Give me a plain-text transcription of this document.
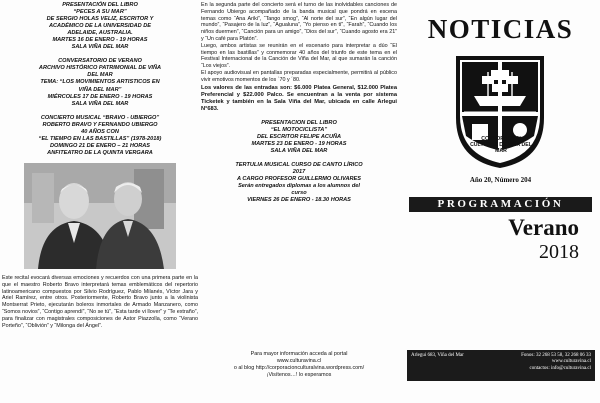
PRESENTACIÓN DEL LIBRO
“PECES A SU MAR”
DE SERGIO HOLAS VELIZ, ESCRITOR Y
ACADÉMICO DE LA UNIVERSIDAD DE
ADELAIDE, AUSTRALIA.
MARTES 16 DE ENERO - 19 HORAS
SALA VIÑA DEL MAR
CONVERSATORIO DE VERANO
ARCHIVO HISTÓRICO PATRIMONIAL DE VIÑA
DEL MAR
TEMA: “LOS MOVIMIENTOS ARTISTICOS EN
VIÑA DEL MAR”
MIÉRCOLES 17 DE ENERO - 19 HORAS
SALA VIÑA DEL MAR
CONCIERTO MUSICAL “BRAVO - UBIERGO”
ROBERTO BRAVO Y FERNANDO UBIERGO
40 AÑOS CON
“EL TIEMPO EN LAS BASTILLAS” (1978-2018)
DOMINGO 21 DE ENERO – 21 HORAS
ANFITEATRO DE LA QUINTA VERGARA
Este recital evocará diversas emociones y recuerdos con una primera parte en la que el maestro Roberto Bravo interpretará temas emblemáticos del repertorio latinoamericano compuestos por Silvio Rodríguez, Pablo Milanés, Víctor Jara y Ariel Ramírez, entre otros. Posteriormente, Roberto Bravo junto a la violinista Montserrat Prieto, ejecutarán boleros inmortales de Armado Manzanero, como “Somos novios”, “Contigo aprendí”, “No se tú”, “Esta tarde vi llover” y “Te extraño”, para finalizar con magistrales composiciones de Astor Piazzolla, como “Verano Porteño”, “Oblivión” y “Milonga del Ángel”.
En la segunda parte del concierto será el turno de las inolvidables canciones de Fernando Ubiergo acompañado de la banda musical que pondrá en escena temas como “Ana Ariki”, “Tango smog”, “Al norte del sur”, “En algún lugar del mundo”, “Pasajero de la luz”, “Agualuna”, “Yo pienso en tí”, “Farah”, “Cuando los niños duermen”, “Canción para un amigo”, “Dios del sur”, “Cuando agosto era 21” y “Un café para Platón”.
Luego, ambos artistas se reunirán en el escenario para interpretar a dúo “El tiempo en las bastillas” y conmemorar 40 años del triunfo de este tema en el Festival Internacional de la Canción de Viña del Mar, al que sumarán la canción “Los viejos”.
El apoyo audiovisual en pantallas preparadas especialmente, permitirá al público vivir emotivos momentos de los ´70 y ´80.
Los valores de las entradas son: $6.000 Platea General, $12.000 Platea Preferencial y $22.000 Palco. Se encuentran a la venta por sistema Ticketek y también en la Sala Viña del Mar, ubicada en calle Arlegui N°683.
PRESENTACION DEL LIBRO
“EL MOTOCICLISTA”
DEL ESCRITOR FELIPE ACUÑA
MARTES 23 DE ENERO - 19 HORAS
SALA VIÑA DEL MAR
TERTULIA MUSICAL CURSO DE CANTO LÍRICO
2017
A CARGO PROFESOR GUILLERMO OLIVARES
Serán entregados diplomas a los alumnos del
curso
VIERNES 26 DE ENERO - 18.30 HORAS
Para mayor información acceda al portal
www.culturavina.cl
o al blog http://corporacionculturalvina.wordpress.com/
¡Visítenos…! lo esperamos
NOTICIAS
CORPORACION CULTURAL DE VIÑA DEL MAR
Año 20, Número 204
PROGRAMACIÓN
Verano
2018
Arlegui 683, Viña del Mar	Fonos: 32 268 53 58, 32 268 06 33
www.culturavina.cl
contactos: info@culturavina.cl
